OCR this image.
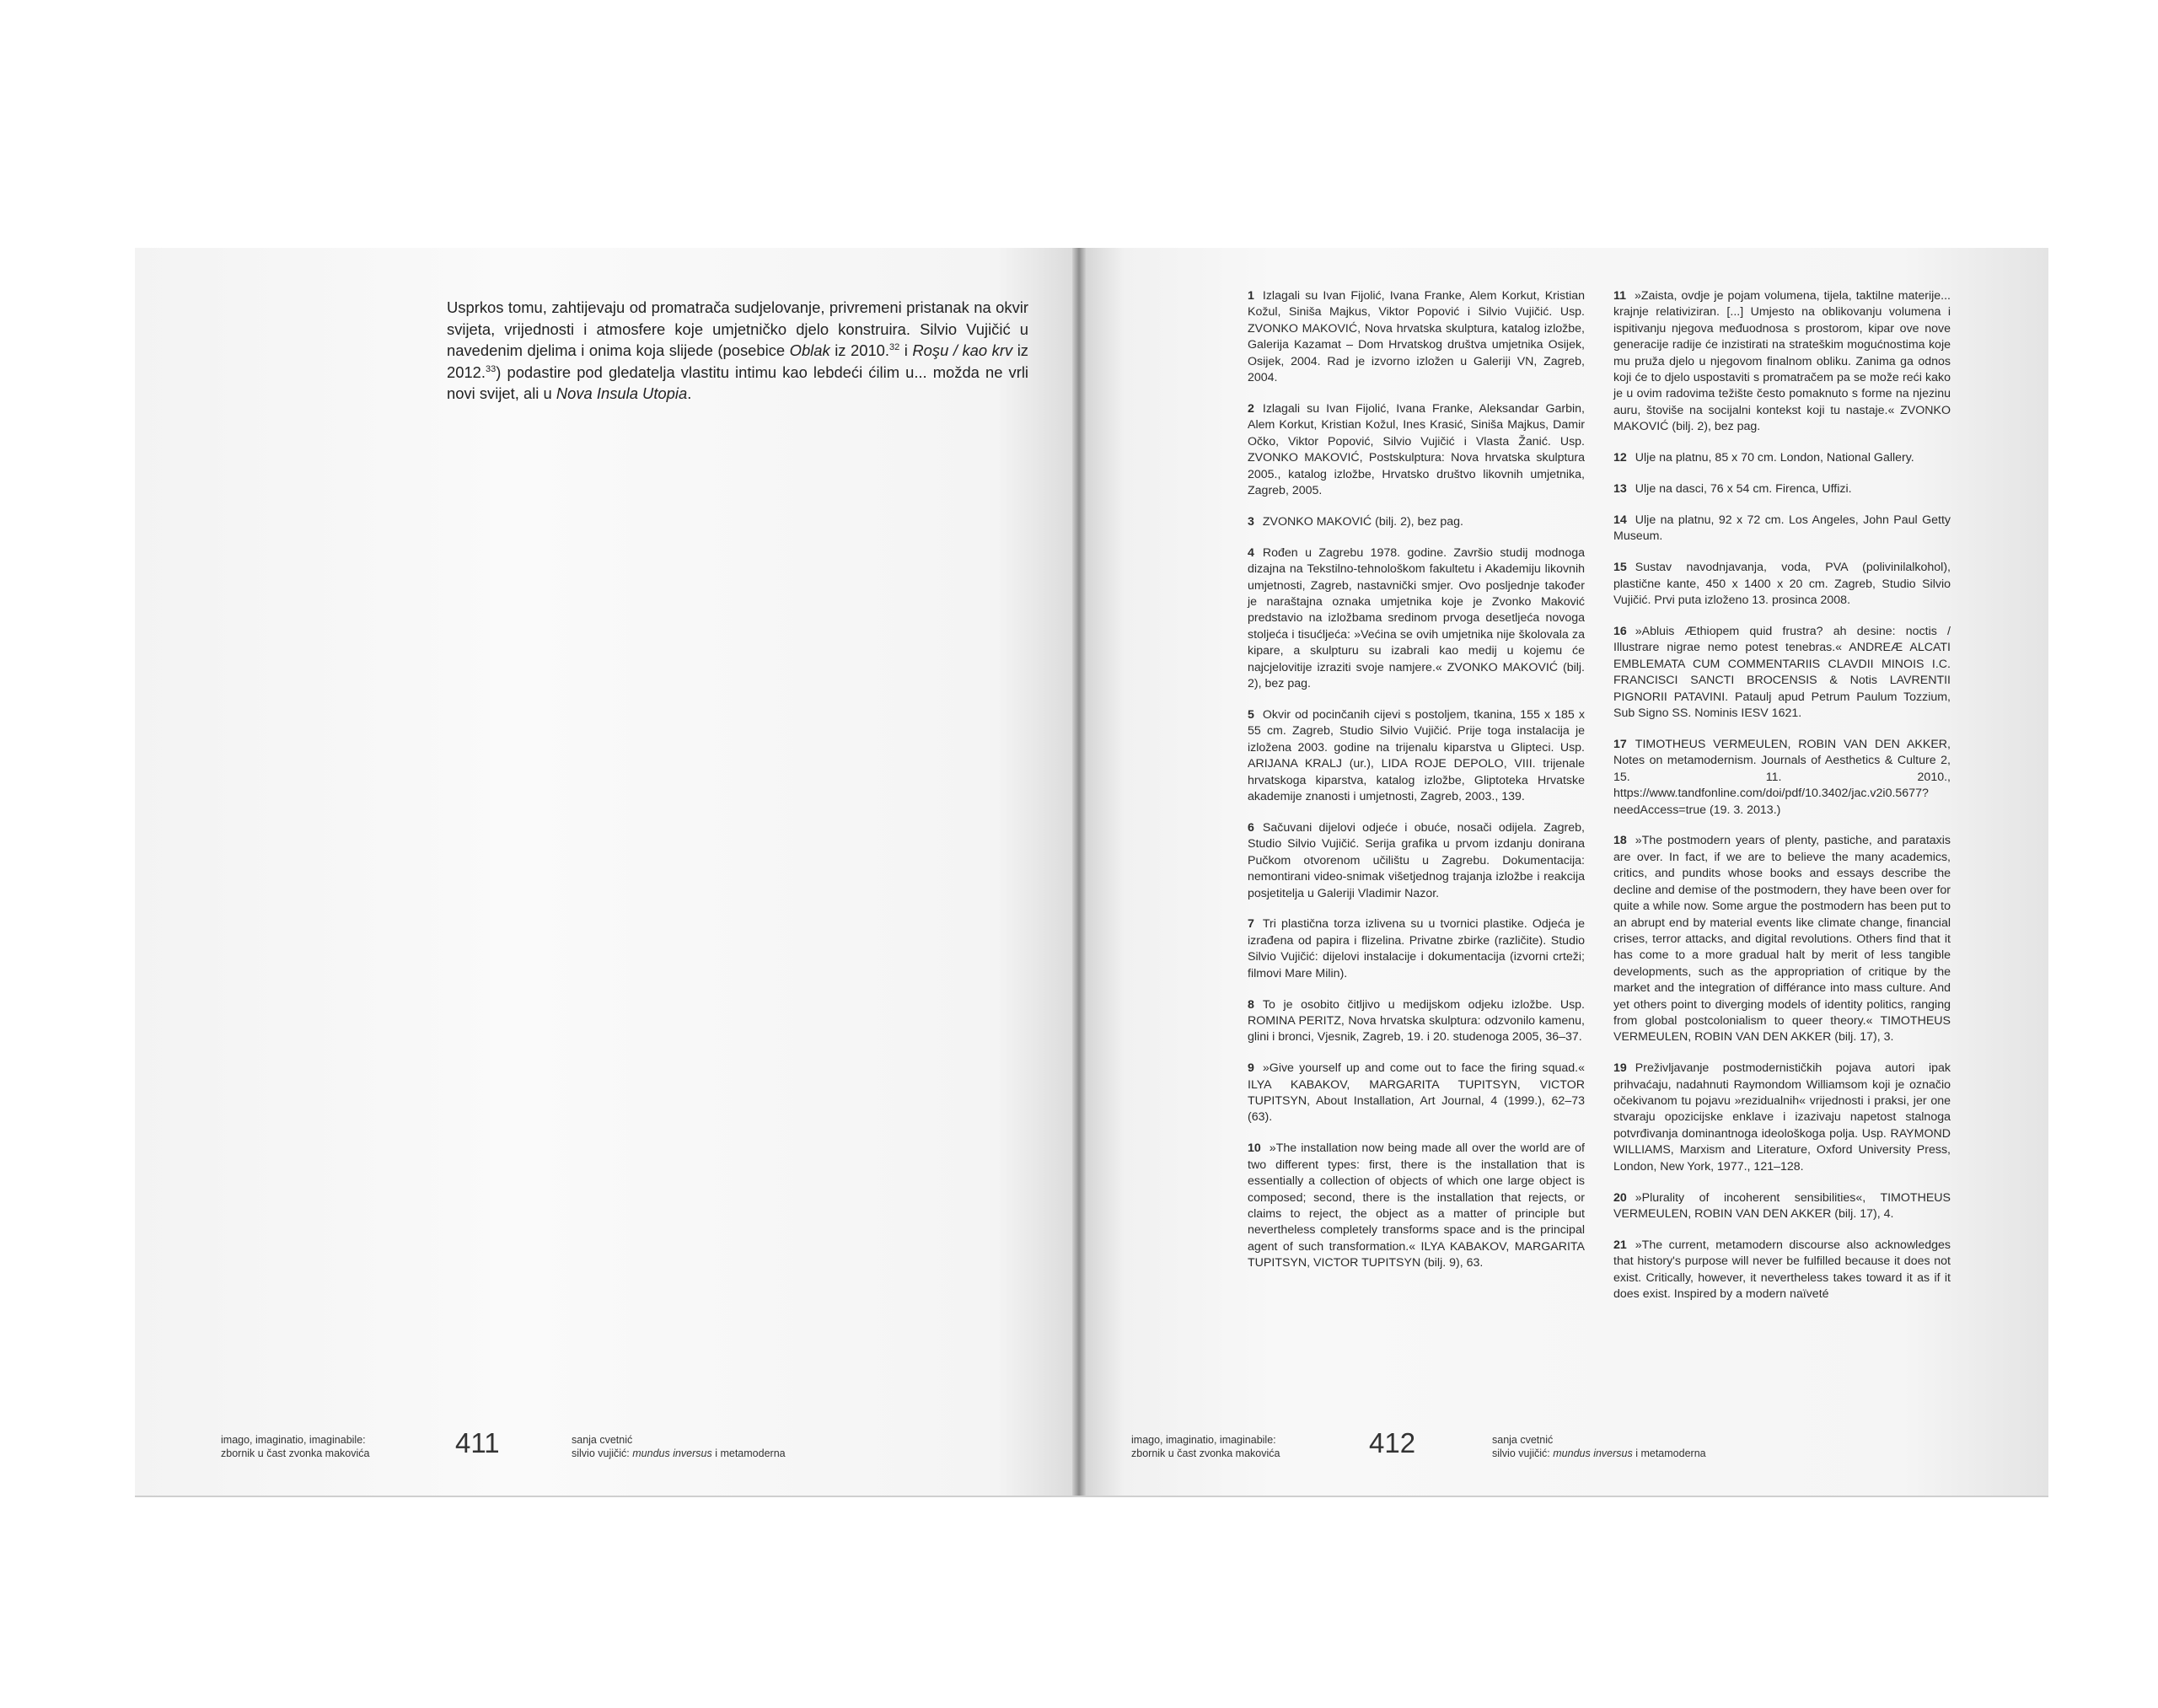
Usprkos tomu, zahtijevaju od promatrača sudjelovanje, privremeni pristanak na okvir svijeta, vrijednosti i atmosfere koje umjetničko djelo konstruira. Silvio Vujičić u navedenim djelima i onima koja slijede (posebice Oblak iz 2010.32 i Roşu / kao krv iz 2012.33) podastire pod gledatelja vlastitu intimu kao lebdeći ćilim u... možda ne vrli novi svijet, ali u Nova Insula Utopia.
imago, imaginatio, imaginabile:
zbornik u čast zvonka makovića	411	sanja cvetnić
silvio vujičić: mundus inversus i metamoderna
1 Izlagali su Ivan Fijolić, Ivana Franke, Alem Korkut, Kristian Kožul, Siniša Majkus, Viktor Popović i Silvio Vujičić. Usp. ZVONKO MAKOVIĆ, Nova hrvatska skulptura, katalog izložbe, Galerija Kazamat – Dom Hrvatskog društva umjetnika Osijek, Osijek, 2004. Rad je izvorno izložen u Galeriji VN, Zagreb, 2004.
2 Izlagali su Ivan Fijolić, Ivana Franke, Aleksandar Garbin, Alem Korkut, Kristian Kožul, Ines Krasić, Siniša Majkus, Damir Očko, Viktor Popović, Silvio Vujičić i Vlasta Žanić. Usp. ZVONKO MAKOVIĆ, Postskulptura: Nova hrvatska skulptura 2005., katalog izložbe, Hrvatsko društvo likovnih umjetnika, Zagreb, 2005.
3 ZVONKO MAKOVIĆ (bilj. 2), bez pag.
4 Rođen u Zagrebu 1978. godine. Završio studij modnoga dizajna na Tekstilno-tehnološkom fakultetu i Akademiju likovnih umjetnosti, Zagreb, nastavnički smjer. Ovo posljednje također je naraštajna oznaka umjetnika koje je Zvonko Maković predstavio na izložbama sredinom prvoga desetljeća novoga stoljeća i tisućljeća: »Većina se ovih umjetnika nije školovala za kipare, a skulpturu su izabrali kao medij u kojemu će najcjelovitije izraziti svoje namjere.« ZVONKO MAKOVIĆ (bilj. 2), bez pag.
5 Okvir od pocinčanih cijevi s postoljem, tkanina, 155 x 185 x 55 cm. Zagreb, Studio Silvio Vujičić. Prije toga instalacija je izložena 2003. godine na trijenalu kiparstva u Glipteci. Usp. ARIJANA KRALJ (ur.), LIDA ROJE DEPOLO, VIII. trijenale hrvatskoga kiparstva, katalog izložbe, Gliptoteka Hrvatske akademije znanosti i umjetnosti, Zagreb, 2003., 139.
6 Sačuvani dijelovi odjeće i obuće, nosači odijela. Zagreb, Studio Silvio Vujičić. Serija grafika u prvom izdanju donirana Pučkom otvorenom učilištu u Zagrebu. Dokumentacija: nemontirani video-snimak višetjednog trajanja izložbe i reakcija posjetitelja u Galeriji Vladimir Nazor.
7 Tri plastična torza izlivena su u tvornici plastike. Odjeća je izrađena od papira i flizelina. Privatne zbirke (različite). Studio Silvio Vujičić: dijelovi instalacije i dokumentacija (izvorni crteži; filmovi Mare Milin).
8 To je osobito čitljivo u medijskom odjeku izložbe. Usp. ROMINA PERITZ, Nova hrvatska skulptura: odzvonilo kamenu, glini i bronci, Vjesnik, Zagreb, 19. i 20. studenoga 2005, 36–37.
9 »Give yourself up and come out to face the firing squad.« ILYA KABAKOV, MARGARITA TUPITSYN, VICTOR TUPITSYN, About Installation, Art Journal, 4 (1999.), 62–73 (63).
10 »The installation now being made all over the world are of two different types: first, there is the installation that is essentially a collection of objects of which one large object is composed; second, there is the installation that rejects, or claims to reject, the object as a matter of principle but nevertheless completely transforms space and is the principal agent of such transformation.« ILYA KABAKOV, MARGARITA TUPITSYN, VICTOR TUPITSYN (bilj. 9), 63.
11 »Zaista, ovdje je pojam volumena, tijela, taktilne materije... krajnje relativiziran. [...] Umjesto na oblikovanju volumena i ispitivanju njegova međuodnosa s prostorom, kipar ove nove generacije radije će inzistirati na strateškim mogućnostima koje mu pruža djelo u njegovom finalnom obliku. Zanima ga odnos koji će to djelo uspostaviti s promatračem pa se može reći kako je u ovim radovima težište često pomaknuto s forme na njezinu auru, štoviše na socijalni kontekst koji tu nastaje.« ZVONKO MAKOVIĆ (bilj. 2), bez pag.
12 Ulje na platnu, 85 x 70 cm. London, National Gallery.
13 Ulje na dasci, 76 x 54 cm. Firenca, Uffizi.
14 Ulje na platnu, 92 x 72 cm. Los Angeles, John Paul Getty Museum.
15 Sustav navodnjavanja, voda, PVA (polivinilalkohol), plastične kante, 450 x 1400 x 20 cm. Zagreb, Studio Silvio Vujičić. Prvi puta izloženo 13. prosinca 2008.
16 »Abluis Æthiopem quid frustra? ah desine: noctis / Illustrare nigrae nemo potest tenebras.« ANDREÆ ALCATI EMBLEMATA CUM COMMENTARIIS CLAVDII MINOIS I.C. FRANCISCI SANCTI BROCENSIS & Notis LAVRENTII PIGNORII PATAVINI. Pataulj apud Petrum Paulum Tozzium, Sub Signo SS. Nominis IESV 1621.
17 TIMOTHEUS VERMEULEN, ROBIN VAN DEN AKKER, Notes on metamodernism. Journals of Aesthetics & Culture 2, 15. 11. 2010., https://www.tandfonline.com/doi/pdf/10.3402/jac.v2i0.5677?needAccess=true (19. 3. 2013.)
18 »The postmodern years of plenty, pastiche, and parataxis are over. In fact, if we are to believe the many academics, critics, and pundits whose books and essays describe the decline and demise of the postmodern, they have been over for quite a while now. Some argue the postmodern has been put to an abrupt end by material events like climate change, financial crises, terror attacks, and digital revolutions. Others find that it has come to a more gradual halt by merit of less tangible developments, such as the appropriation of critique by the market and the integration of différance into mass culture. And yet others point to diverging models of identity politics, ranging from global postcolonialism to queer theory.« TIMOTHEUS VERMEULEN, ROBIN VAN DEN AKKER (bilj. 17), 3.
19 Preživljavanje postmodernističkih pojava autori ipak prihvaćaju, nadahnuti Raymondom Williamsom koji je označio očekivanom tu pojavu »rezidualnih« vrijednosti i praksi, jer one stvaraju opozicijske enklave i izazivaju napetost stalnoga potvrđivanja dominantnoga ideološkoga polja. Usp. RAYMOND WILLIAMS, Marxism and Literature, Oxford University Press, London, New York, 1977., 121–128.
20 »Plurality of incoherent sensibilities«, TIMOTHEUS VERMEULEN, ROBIN VAN DEN AKKER (bilj. 17), 4.
21 »The current, metamodern discourse also acknowledges that history's purpose will never be fulfilled because it does not exist. Critically, however, it nevertheless takes toward it as if it does exist. Inspired by a modern naïveté
imago, imaginatio, imaginabile:
zbornik u čast zvonka makovića	412	sanja cvetnić
silvio vujičić: mundus inversus i metamoderna
